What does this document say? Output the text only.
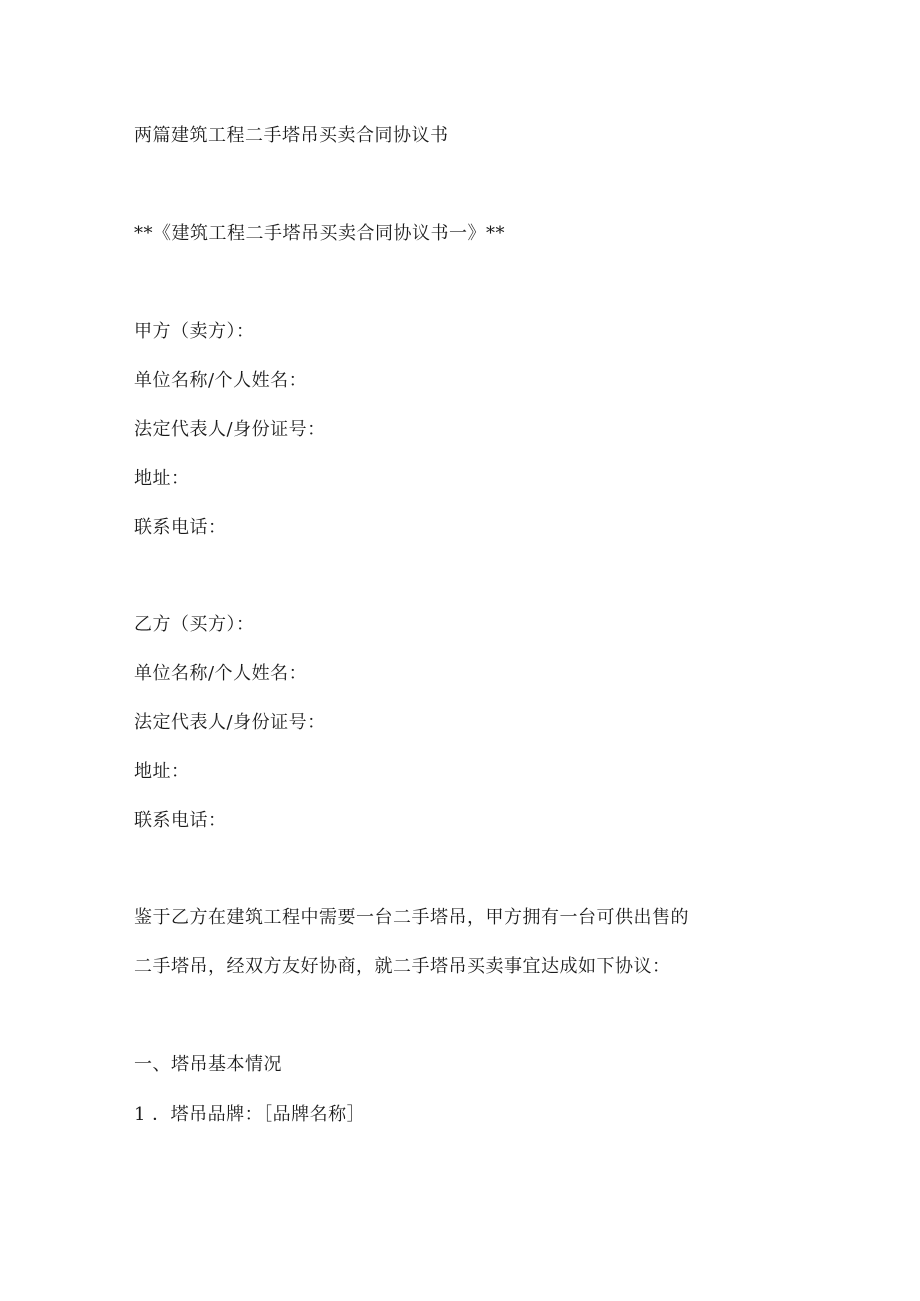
两篇建筑工程二手塔吊买卖合同协议书
**《建筑工程二手塔吊买卖合同协议书一》**
甲方（卖方）：
单位名称/个人姓名：
法定代表人/身份证号：
地址：
联系电话：
乙方（买方）：
单位名称/个人姓名：
法定代表人/身份证号：
地址：
联系电话：
鉴于乙方在建筑工程中需要一台二手塔吊，甲方拥有一台可供出售的
二手塔吊，经双方友好协商，就二手塔吊买卖事宜达成如下协议：
一、塔吊基本情况
1 ．塔吊品牌：［品牌名称］
